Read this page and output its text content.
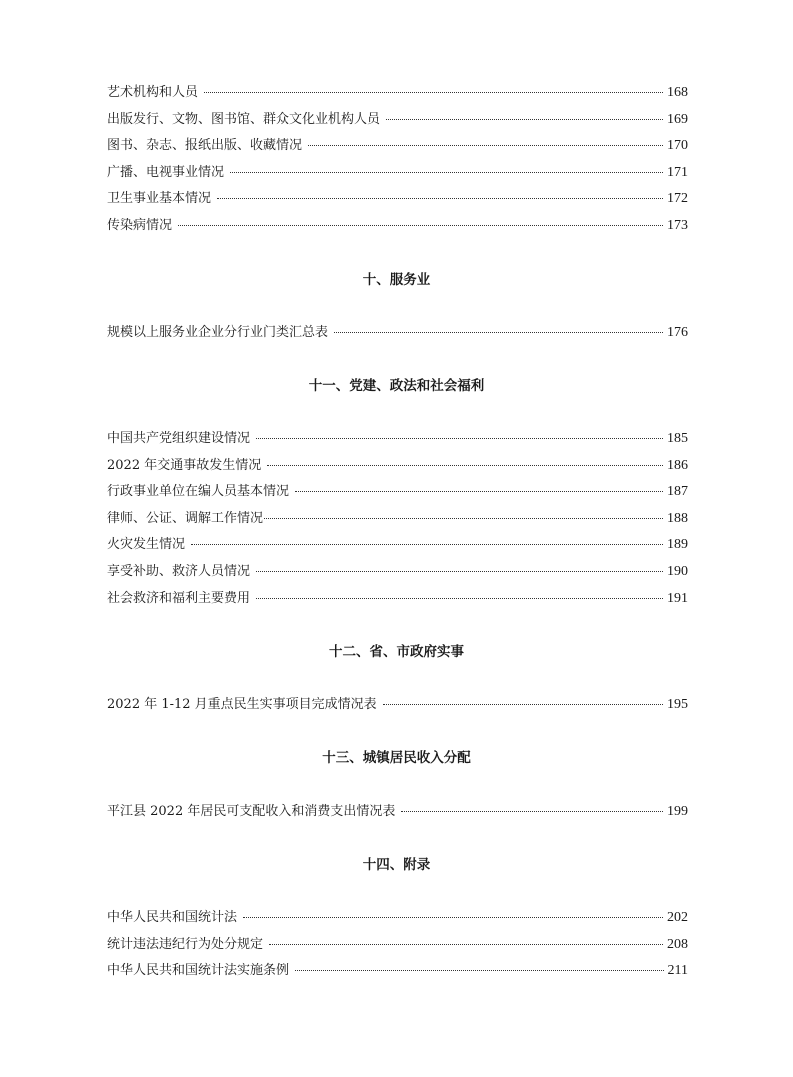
艺术机构和人员	168
出版发行、文物、图书馆、群众文化业机构人员	169
图书、杂志、报纸出版、收藏情况	170
广播、电视事业情况	171
卫生事业基本情况	172
传染病情况	173
十、服务业
规模以上服务业企业分行业门类汇总表	176
十一、党建、政法和社会福利
中国共产党组织建设情况	185
2022 年交通事故发生情况	186
行政事业单位在编人员基本情况	187
律师、公证、调解工作情况	188
火灾发生情况	189
享受补助、救济人员情况	190
社会救济和福利主要费用	191
十二、省、市政府实事
2022 年 1-12 月重点民生实事项目完成情况表	195
十三、城镇居民收入分配
平江县 2022 年居民可支配收入和消费支出情况表	199
十四、附录
中华人民共和国统计法	202
统计违法违纪行为处分规定	208
中华人民共和国统计法实施条例	211
